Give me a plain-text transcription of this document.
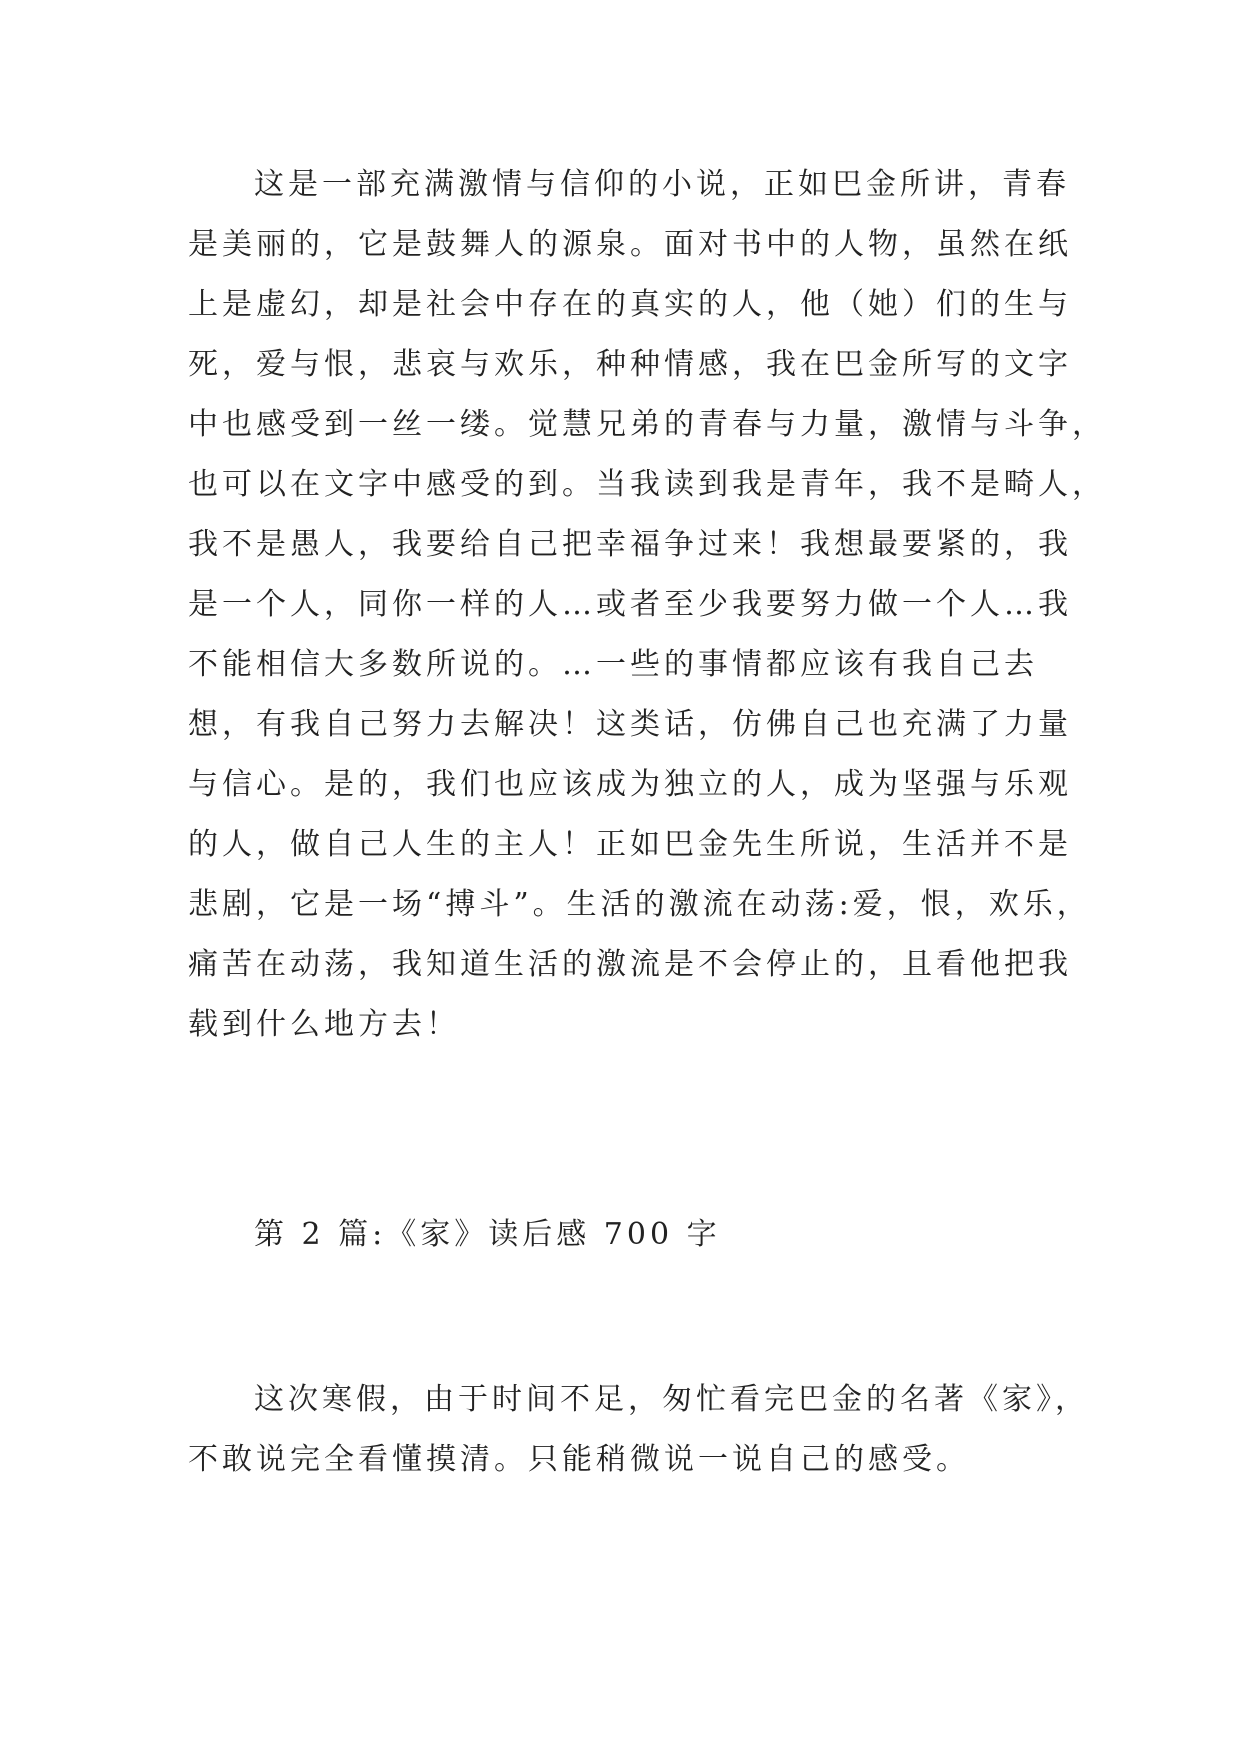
这是一部充满激情与信仰的小说，正如巴金所讲，青春
是美丽的，它是鼓舞人的源泉。面对书中的人物，虽然在纸
上是虚幻，却是社会中存在的真实的人，他（她）们的生与
死，爱与恨，悲哀与欢乐，种种情感，我在巴金所写的文字
中也感受到一丝一缕。觉慧兄弟的青春与力量，激情与斗争，
也可以在文字中感受的到。当我读到我是青年，我不是畸人，
我不是愚人，我要给自己把幸福争过来！我想最要紧的，我
是一个人，同你一样的人…或者至少我要努力做一个人…我
不能相信大多数所说的。…一些的事情都应该有我自己去
想，有我自己努力去解决！这类话，仿佛自己也充满了力量
与信心。是的，我们也应该成为独立的人，成为坚强与乐观
的人，做自己人生的主人！正如巴金先生所说，生活并不是
悲剧，它是一场“搏斗”。生活的激流在动荡:爱，恨，欢乐，
痛苦在动荡，我知道生活的激流是不会停止的，且看他把我
载到什么地方去！
第 2 篇:《家》读后感 700 字
这次寒假，由于时间不足，匆忙看完巴金的名著《家》，
不敢说完全看懂摸清。只能稍微说一说自己的感受。
